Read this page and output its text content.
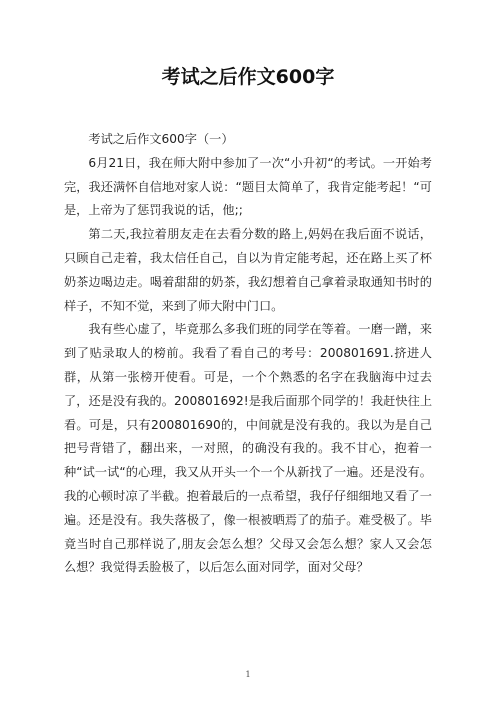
考试之后作文600字

考试之后作文600字（一）

6月21日，我在师大附中参加了一次“小升初“的考试。一开始考完，我还满怀自信地对家人说：“题目太简单了，我肯定能考起！“可是，上帝为了惩罚我说的话，他;;

第二天,我拉着朋友走在去看分数的路上,妈妈在我后面不说话，只顾自己走着，我太信任自己，自以为肯定能考起，还在路上买了杯奶茶边喝边走。喝着甜甜的奶茶，我幻想着自己拿着录取通知书时的样子，不知不觉，来到了师大附中门口。

我有些心虚了，毕竟那么多我们班的同学在等着。一磨一蹭，来到了贴录取人的榜前。我看了看自己的考号：200801691.挤进人群，从第一张榜开使看。可是，一个个熟悉的名字在我脑海中过去了，还是没有我的。200801692!是我后面那个同学的！我赶快往上看。可是，只有200801690的，中间就是没有我的。我以为是自己把号背错了，翻出来，一对照，的确没有我的。我不甘心，抱着一种“试一试“的心理，我又从开头一个一个从新找了一遍。还是没有。我的心顿时凉了半截。抱着最后的一点希望，我仔仔细细地又看了一遍。还是没有。我失落极了，像一根被晒焉了的茄子。难受极了。毕竟当时自己那样说了,朋友会怎么想？父母又会怎么想？家人又会怎么想？我觉得丢脸极了，以后怎么面对同学，面对父母？

1
